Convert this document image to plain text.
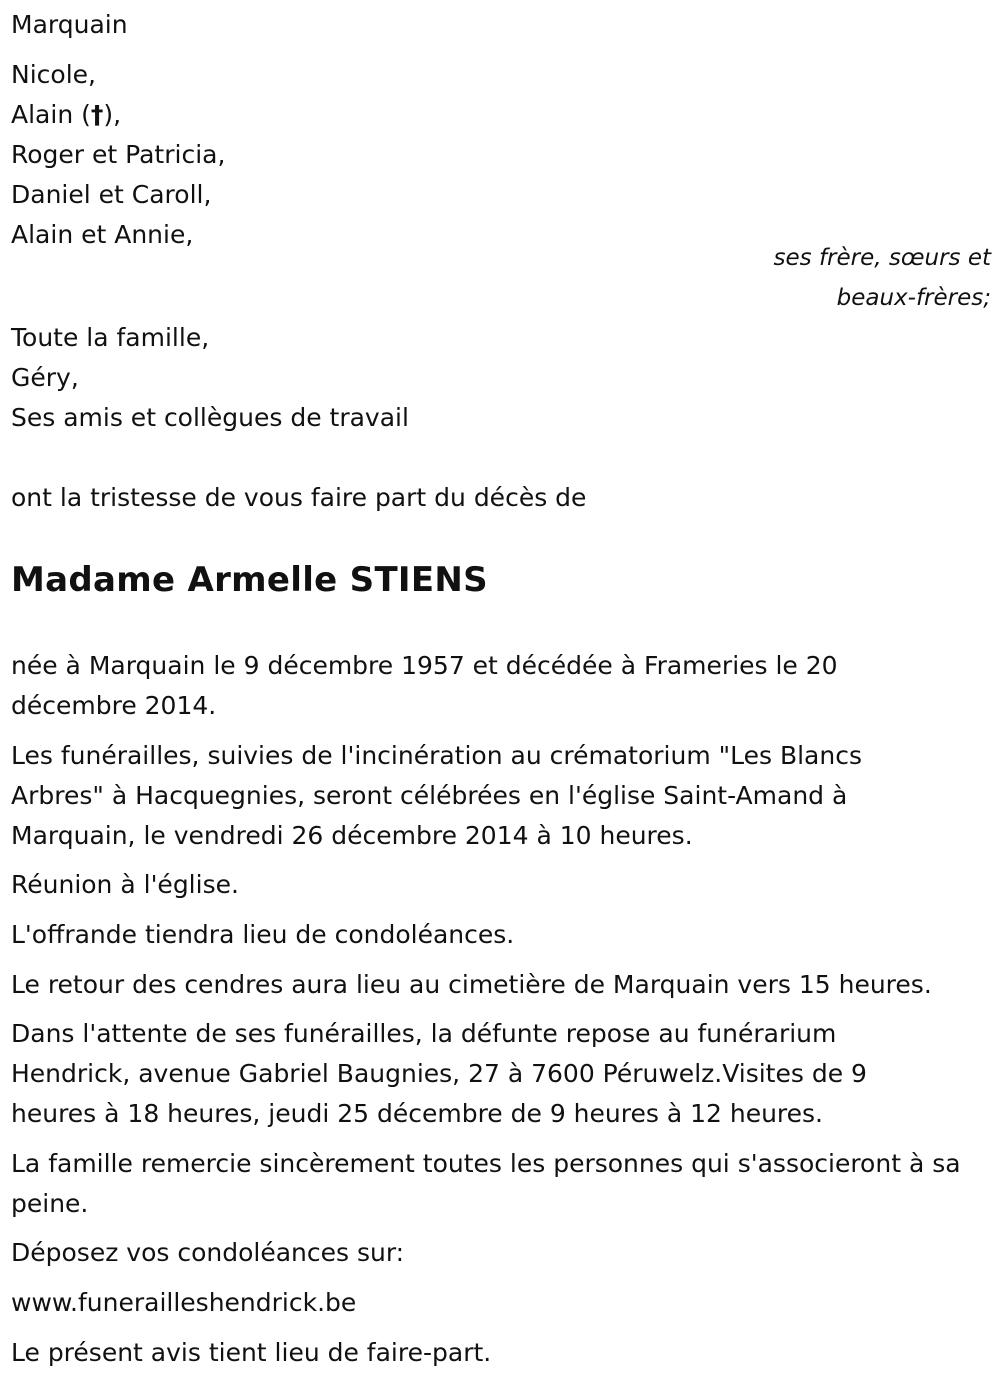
Marquain

Nicole,

Alain (†),

Roger et Patricia,

Daniel et Caroll,

Alain et Annie,

ses frère, sœurs et

beaux-frères;

Toute la famille,

Géry,

Ses amis et collègues de travail

ont la tristesse de vous faire part du décès de

Madame Armelle STIENS

née à Marquain le 9 décembre 1957 et décédée à Frameries le 20 décembre 2014.

Les funérailles, suivies de l'incinération au crématorium "Les Blancs Arbres" à Hacquegnies, seront célébrées en l'église Saint-Amand à Marquain, le vendredi 26 décembre 2014 à 10 heures.

Réunion à l'église.

L'offrande tiendra lieu de condoléances.

Le retour des cendres aura lieu au cimetière de Marquain vers 15 heures.

Dans l'attente de ses funérailles, la défunte repose au funérarium Hendrick, avenue Gabriel Baugnies, 27 à 7600 Péruwelz.Visites de 9 heures à 18 heures, jeudi 25 décembre de 9 heures à 12 heures.

La famille remercie sincèrement toutes les personnes qui s'associeront à sa peine.

Déposez vos condoléances sur:

www.funerailleshendrick.be

Le présent avis tient lieu de faire-part.
